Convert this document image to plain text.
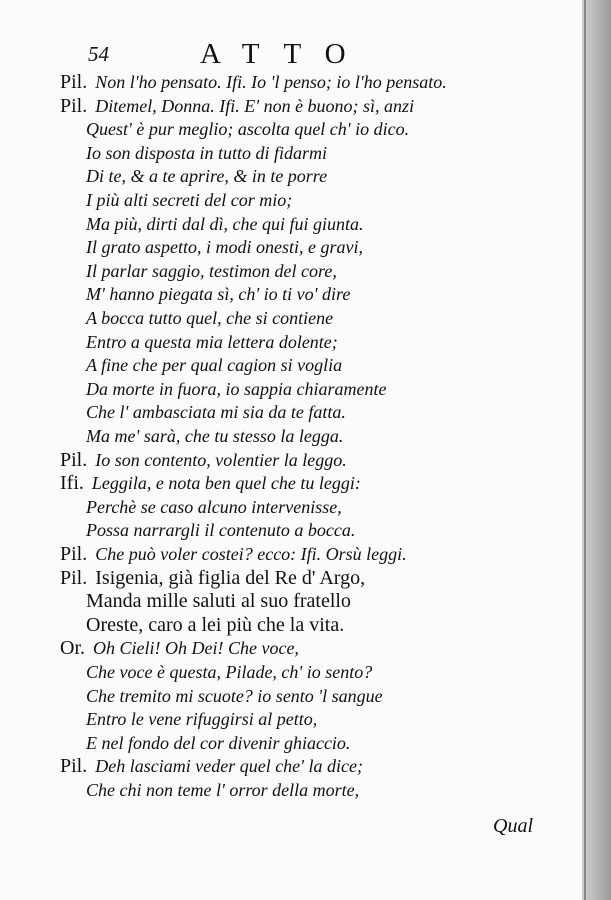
54	ATTO
Pil. Non l'ho pensato. Ifi. Io 'l penso; io l'ho pensato.
Pil. Ditemel, Donna. Ifi. E' non è buono; sì, anzi
Quest' è pur meglio; ascolta quel ch' io dico.
Io son disposta in tutto di fidarmi
Di te, & a te aprire, & in te porre
I più alti secreti del cor mio;
Ma più, dirti dal dì, che qui fui giunta.
Il grato aspetto, i modi onesti, e gravi,
Il parlar saggio, testimon del core,
M' hanno piegata sì, ch' io ti vo' dire
A bocca tutto quel, che si contiene
Entro a questa mia lettera dolente;
A fine che per qual cagion si voglia
Da morte in fuora, io sappia chiaramente
Che l' ambasciata mi sia da te fatta.
Ma me' sarà, che tu stesso la legga.
Pil. Io son contento, volentier la leggo.
Ifi. Leggila, e nota ben quel che tu leggi:
Perchè se caso alcuno intervenisse,
Possa narrargli il contenuto a bocca.
Pil. Che può voler costei? ecco: Ifi. Orsù leggi.
Pil. Isigenia, già figlia del Re d' Argo,
Manda mille saluti al suo fratello
Oreste, caro a lei più che la vita.
Or. Oh Cieli! Oh Dei! Che voce,
Che voce è questa, Pilade, ch' io sento?
Che tremito mi scuote? io sento 'l sangue
Entro le vene rifuggirsi al petto,
E nel fondo del cor divenir ghiaccio.
Pil. Deh lasciami veder quel che' la dice;
Che chi non teme l' orror della morte,
Qual
